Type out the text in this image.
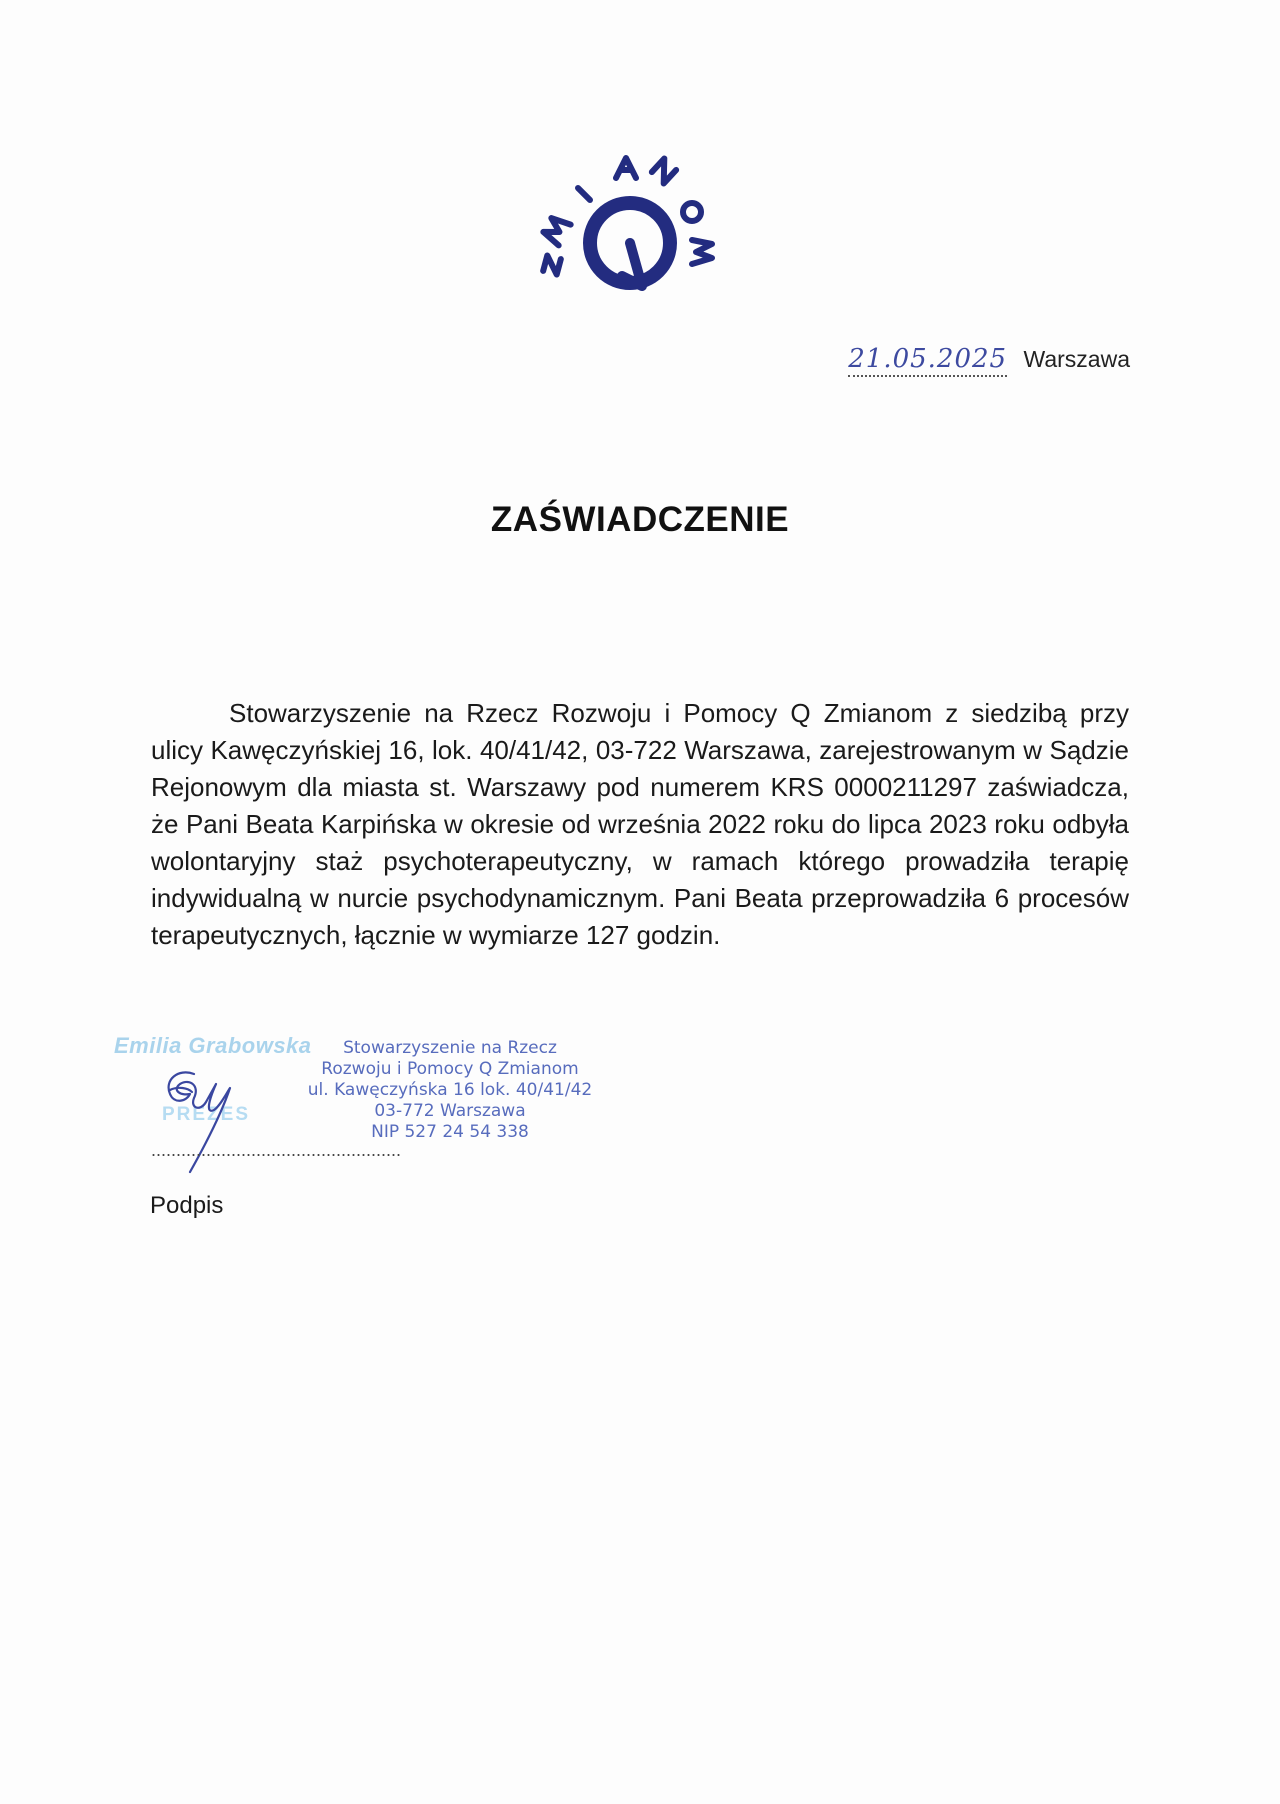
21.05.2025 Warszawa
ZAŚWIADCZENIE

Stowarzyszenie na Rzecz Rozwoju i Pomocy Q Zmianom z siedzibą przy ulicy Kawęczyńskiej 16, lok. 40/41/42, 03-722 Warszawa, zarejestrowanym w Sądzie Rejonowym dla miasta st. Warszawy pod numerem KRS 0000211297 zaświadcza, że Pani Beata Karpińska w okresie od września 2022 roku do lipca 2023 roku odbyła wolontaryjny staż psychoterapeutyczny, w ramach którego prowadziła terapię indywidualną w nurcie psychodynamicznym. Pani Beata przeprowadziła 6 procesów terapeutycznych, łącznie w wymiarze 127 godzin.

Emilia Grabowska
PREZES
..................................................
Stowarzyszenie na Rzecz
Rozwoju i Pomocy Q Zmianom
ul. Kawęczyńska 16 lok. 40/41/42
03-772 Warszawa
NIP 527 24 54 338
Podpis
